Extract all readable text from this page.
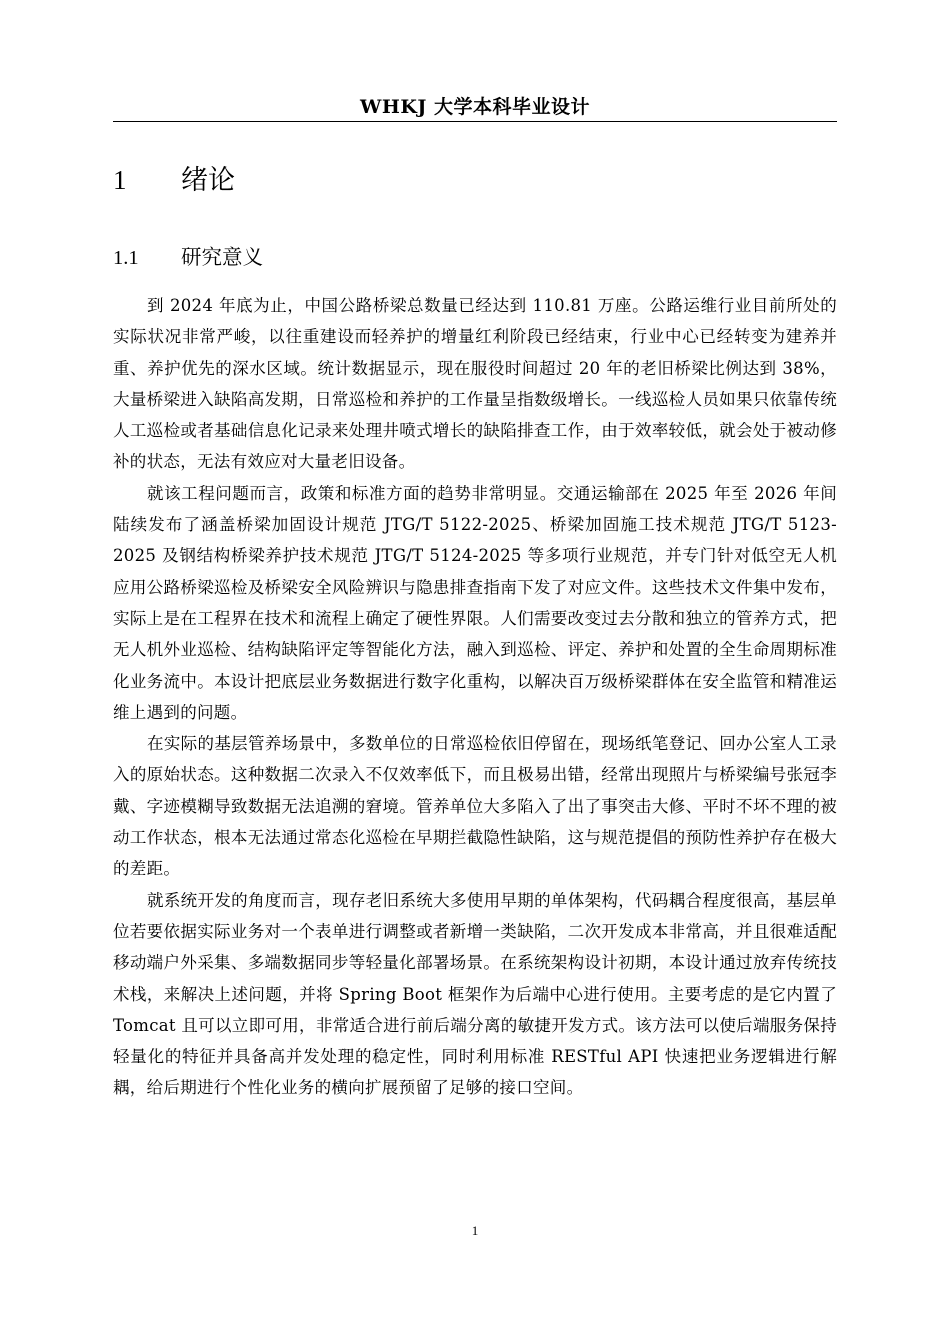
WHKJ 大学本科毕业设计
1 绪论
1.1 研究意义

到 2024 年底为止，中国公路桥梁总数量已经达到 110.81 万座。公路运维行业目前所处的实际状况非常严峻，以往重建设而轻养护的增量红利阶段已经结束，行业中心已经转变为建养并重、养护优先的深水区域。统计数据显示，现在服役时间超过 20 年的老旧桥梁比例达到 38%，大量桥梁进入缺陷高发期，日常巡检和养护的工作量呈指数级增长。一线巡检人员如果只依靠传统人工巡检或者基础信息化记录来处理井喷式增长的缺陷排查工作，由于效率较低，就会处于被动修补的状态，无法有效应对大量老旧设备。

就该工程问题而言，政策和标准方面的趋势非常明显。交通运输部在 2025 年至 2026 年间陆续发布了涵盖桥梁加固设计规范 JTG/T 5122-2025、桥梁加固施工技术规范 JTG/T 5123-2025 及钢结构桥梁养护技术规范 JTG/T 5124-2025 等多项行业规范，并专门针对低空无人机应用公路桥梁巡检及桥梁安全风险辨识与隐患排查指南下发了对应文件。这些技术文件集中发布，实际上是在工程界在技术和流程上确定了硬性界限。人们需要改变过去分散和独立的管养方式，把无人机外业巡检、结构缺陷评定等智能化方法，融入到巡检、评定、养护和处置的全生命周期标准化业务流中。本设计把底层业务数据进行数字化重构，以解决百万级桥梁群体在安全监管和精准运维上遇到的问题。

在实际的基层管养场景中，多数单位的日常巡检依旧停留在，现场纸笔登记、回办公室人工录入的原始状态。这种数据二次录入不仅效率低下，而且极易出错，经常出现照片与桥梁编号张冠李戴、字迹模糊导致数据无法追溯的窘境。管养单位大多陷入了出了事突击大修、平时不坏不理的被动工作状态，根本无法通过常态化巡检在早期拦截隐性缺陷，这与规范提倡的预防性养护存在极大的差距。

就系统开发的角度而言，现存老旧系统大多使用早期的单体架构，代码耦合程度很高，基层单位若要依据实际业务对一个表单进行调整或者新增一类缺陷，二次开发成本非常高，并且很难适配移动端户外采集、多端数据同步等轻量化部署场景。在系统架构设计初期，本设计通过放弃传统技术栈，来解决上述问题，并将 Spring Boot 框架作为后端中心进行使用。主要考虑的是它内置了 Tomcat 且可以立即可用，非常适合进行前后端分离的敏捷开发方式。该方法可以使后端服务保持轻量化的特征并具备高并发处理的稳定性，同时利用标准 RESTful API 快速把业务逻辑进行解耦，给后期进行个性化业务的横向扩展预留了足够的接口空间。

1
